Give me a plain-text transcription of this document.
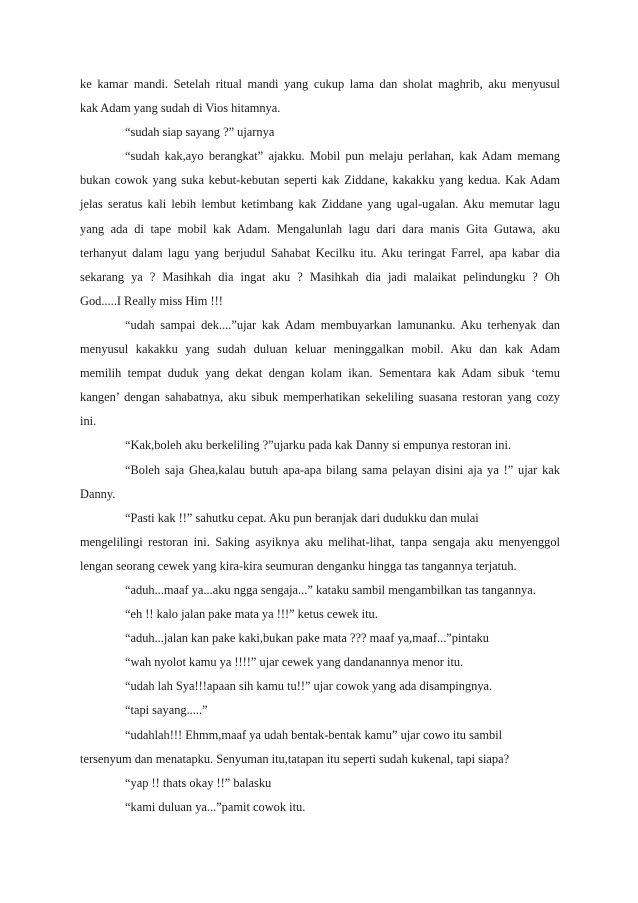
ke kamar mandi. Setelah ritual mandi yang cukup lama dan sholat maghrib, aku menyusul
kak Adam yang sudah di Vios hitamnya.
“sudah siap sayang ?” ujarnya
“sudah kak,ayo berangkat” ajakku. Mobil pun melaju perlahan, kak Adam memang
bukan cowok yang suka kebut-kebutan seperti kak Ziddane, kakakku yang kedua. Kak Adam
jelas seratus kali lebih lembut ketimbang kak Ziddane yang ugal-ugalan. Aku memutar lagu
yang ada di tape mobil kak Adam. Mengalunlah lagu dari dara manis Gita Gutawa, aku
terhanyut dalam lagu yang berjudul Sahabat Kecilku itu. Aku teringat Farrel, apa kabar dia
sekarang ya ? Masihkah dia ingat aku ? Masihkah dia jadi malaikat pelindungku ? Oh
God.....I Really miss Him !!!
“udah sampai dek....”ujar kak Adam membuyarkan lamunanku. Aku terhenyak dan
menyusul kakakku yang sudah duluan keluar meninggalkan mobil. Aku dan kak Adam
memilih tempat duduk yang dekat dengan kolam ikan. Sementara kak Adam sibuk ‘temu
kangen’ dengan sahabatnya, aku sibuk memperhatikan sekeliling suasana restoran yang cozy
ini.
“Kak,boleh aku berkeliling ?”ujarku pada kak Danny si empunya restoran ini.
“Boleh saja Ghea,kalau butuh apa-apa bilang sama pelayan disini aja ya !” ujar kak
Danny.
“Pasti kak !!” sahutku cepat. Aku pun beranjak dari dudukku dan mulai
mengelilingi restoran ini. Saking asyiknya aku melihat-lihat, tanpa sengaja aku menyenggol
lengan seorang cewek yang kira-kira seumuran denganku hingga tas tangannya terjatuh.
“aduh...maaf ya...aku ngga sengaja...” kataku sambil mengambilkan tas tangannya.
“eh !! kalo jalan pake mata ya !!!” ketus cewek itu.
“aduh...jalan kan pake kaki,bukan pake mata ??? maaf ya,maaf...”pintaku
“wah nyolot kamu ya !!!!” ujar cewek yang dandanannya menor itu.
“udah lah Sya!!!apaan sih kamu tu!!” ujar cowok yang ada disampingnya.
“tapi sayang.....”
“udahlah!!! Ehmm,maaf ya udah bentak-bentak kamu” ujar cowo itu sambil
tersenyum dan menatapku. Senyuman itu,tatapan itu seperti sudah kukenal, tapi siapa?
“yap !! thats okay !!” balasku
“kami duluan ya...”pamit cowok itu.
